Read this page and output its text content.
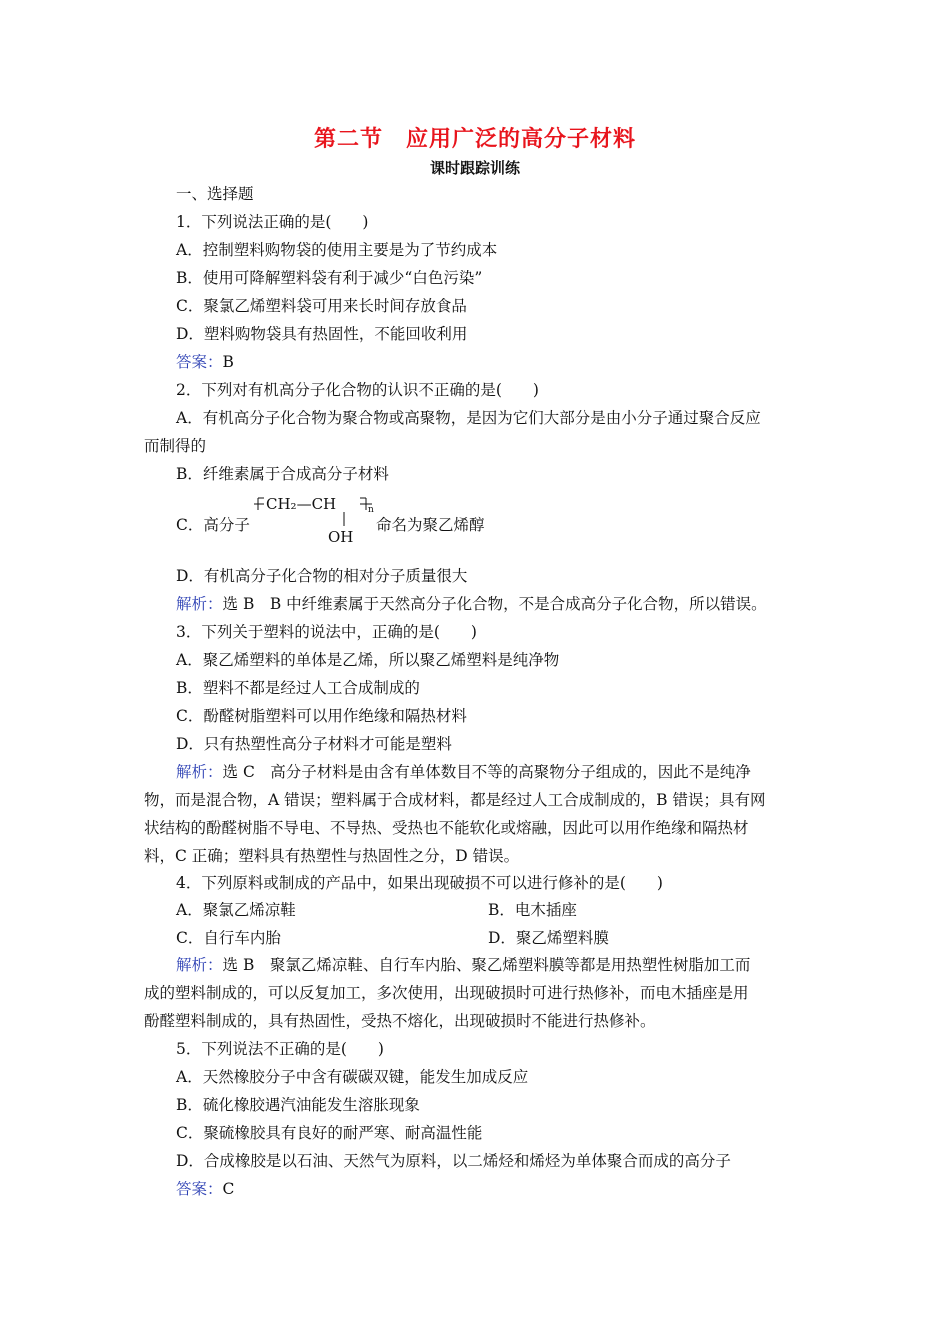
第二节　应用广泛的高分子材料
课时跟踪训练
一、选择题
1．下列说法正确的是(　　)
A．控制塑料购物袋的使用主要是为了节约成本
B．使用可降解塑料袋有利于减少“白色污染”
C．聚氯乙烯塑料袋可用来长时间存放食品
D．塑料购物袋具有热固性，不能回收利用
答案：B
2．下列对有机高分子化合物的认识不正确的是(　　)
A．有机高分子化合物为聚合物或高聚物，是因为它们大部分是由小分子通过聚合反应
而制得的
B．纤维素属于合成高分子材料
C．高分子
CH₂—CH	n
OH
命名为聚乙烯醇
D．有机高分子化合物的相对分子质量很大
解析：选 B　B 中纤维素属于天然高分子化合物，不是合成高分子化合物，所以错误。
3．下列关于塑料的说法中，正确的是(　　)
A．聚乙烯塑料的单体是乙烯，所以聚乙烯塑料是纯净物
B．塑料不都是经过人工合成制成的
C．酚醛树脂塑料可以用作绝缘和隔热材料
D．只有热塑性高分子材料才可能是塑料
解析：选 C　高分子材料是由含有单体数目不等的高聚物分子组成的，因此不是纯净
物，而是混合物，A 错误；塑料属于合成材料，都是经过人工合成制成的，B 错误；具有网
状结构的酚醛树脂不导电、不导热、受热也不能软化或熔融，因此可以用作绝缘和隔热材
料，C 正确；塑料具有热塑性与热固性之分，D 错误。
4．下列原料或制成的产品中，如果出现破损不可以进行修补的是(　　)
A．聚氯乙烯凉鞋	B．电木插座
C．自行车内胎	D．聚乙烯塑料膜
解析：选 B　聚氯乙烯凉鞋、自行车内胎、聚乙烯塑料膜等都是用热塑性树脂加工而
成的塑料制成的，可以反复加工，多次使用，出现破损时可进行热修补，而电木插座是用
酚醛塑料制成的，具有热固性，受热不熔化，出现破损时不能进行热修补。
5．下列说法不正确的是(　　)
A．天然橡胶分子中含有碳碳双键，能发生加成反应
B．硫化橡胶遇汽油能发生溶胀现象
C．聚硫橡胶具有良好的耐严寒、耐高温性能
D．合成橡胶是以石油、天然气为原料，以二烯烃和烯烃为单体聚合而成的高分子
答案：C
